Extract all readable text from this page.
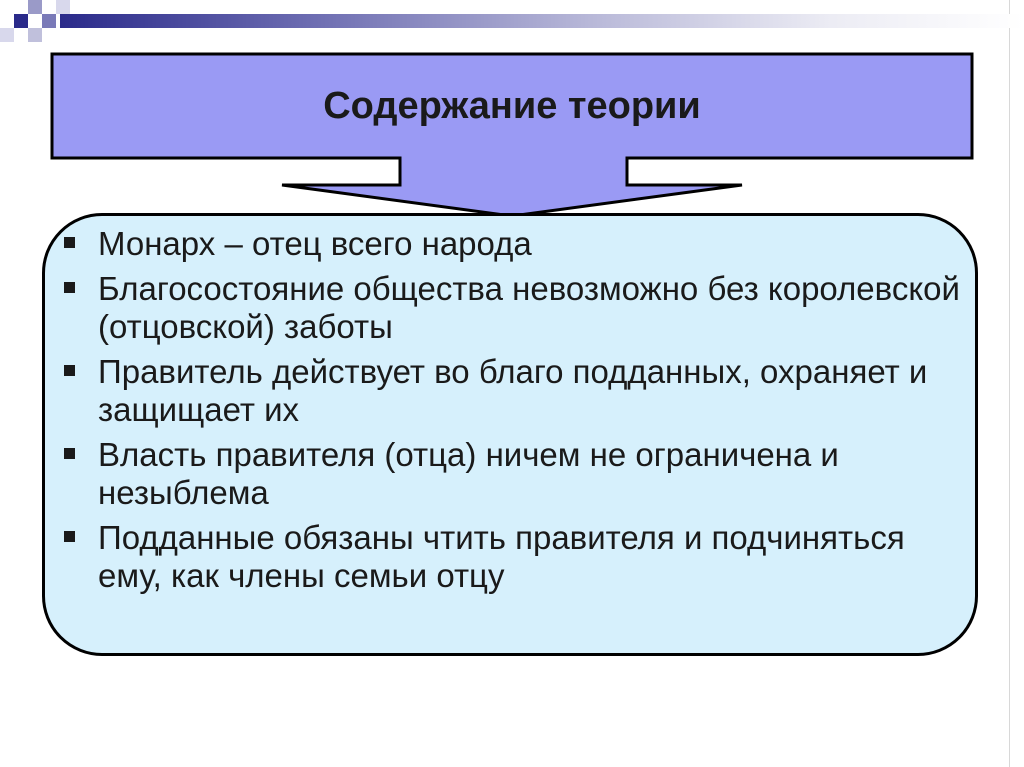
Содержание теории
Монарх – отец всего народа
Благосостояние общества невозможно без королевской (отцовской) заботы
Правитель действует во благо подданных, охраняет и защищает их
Власть правителя (отца) ничем не ограничена и незыблема
Подданные обязаны чтить правителя и подчиняться ему, как члены семьи отцу
